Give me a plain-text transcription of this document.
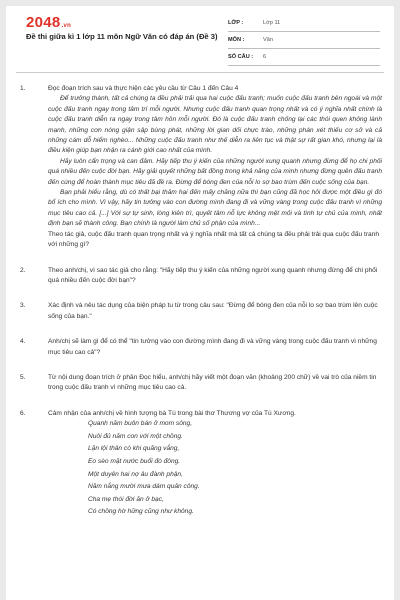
2048.vn
Đề thi giữa kì 1 lớp 11 môn Ngữ Văn có đáp án (Đề 3)
LỚP :	Lớp 11
MÔN :	Văn
SỐ CÂU :	6
1.	Đọc đoạn trích sau và thực hiện các yêu cầu từ Câu 1 đến Câu 4

Để trưởng thành, tất cả chúng ta đều phải trải qua hai cuộc đấu tranh; muốn cuộc đấu tranh bên ngoài và một cuộc đấu tranh ngay trong tâm trí mỗi người. Nhưng cuộc đấu tranh quan trọng nhất và có ý nghĩa nhất chính là cuộc đấu tranh diễn ra ngay trong tâm hồn mỗi người. Đó là cuộc đấu tranh chống lại các thói quen không lành mạnh, những cơn nóng giận sập bùng phát, những lời gian dối chực trào, những phán xét thiếu cơ sở và cả những cám dỗ hiểm nghèo... Những cuộc đấu tranh như thế diễn ra liên tục và thật sự rất gian khó, nhưng lại là điều kiện giúp bạn nhận ra cánh giới cao nhất của mình.

Hãy luôn cẩn trọng và can đảm. Hãy tiếp thu ý kiến của những người xung quanh nhưng đừng để họ chi phối quá nhiều đến cuộc đời bạn. Hãy giải quyết những bất đồng trong khả năng của mình nhưng đừng quên đấu tranh đến cùng để hoàn thành mục tiêu đã đề ra. Đừng để bóng đen của nỗi lo sợ bao trùm đến cuộc sống của bạn.

Bạn phải hiểu rằng, dù có thất bại thảm hại đến mấy chăng nữa thì bạn cũng đã học hỏi được một điều gì đó bổ ích cho mình. Vì vậy, hãy tin tưởng vào con đường mình đang đi và vững vàng trong cuộc đấu tranh vì những mục tiêu cao cả. [...] Với sự tự sinh, lòng kiên trì, quyết tâm nỗ lực không mệt mỏi và tình tự chủ của mình, nhất định bạn sẽ thành công. Bạn chính là người làm chủ số phận của mình...

Theo tác giả, cuộc đấu tranh quan trọng nhất và ý nghĩa nhất mà tất cả chúng ta đều phải trải qua cuộc đấu tranh với những gì?

2.	Theo anh/chị, vì sao tác giả cho rằng: "Hãy tiếp thu ý kiến của những người xung quanh nhưng đừng để chi phối quá nhiều đến cuộc đời bạn"?

3.	Xác định và nêu tác dụng của biện pháp tu từ trong câu sau: "Đừng để bóng đen của nỗi lo sợ bao trùm lên cuộc sống của bạn."

4.	Anh/chị sẽ làm gì để có thể "tin tưởng vào con đường mình đang đi và vững vàng trong cuộc đấu tranh vì những mục tiêu cao cả"?

5.	Từ nội dung đoạn trích ở phần Đọc hiểu, anh/chị hãy viết một đoạn văn (khoảng 200 chữ) về vai trò của niềm tin trong cuộc đấu tranh vì những mục tiêu cao cả.

6.	Cảm nhận của anh/chị về hình tượng bà Tú trong bài thơ Thương vợ của Tú Xương.

Quanh năm buôn bán ở mom sông,
Nuôi đủ năm con với một chồng.
Lặn lội thân cò khi quãng vắng,
Eo sèo mặt nước buổi đò đông.
Một duyên hai nợ âu đành phận,
Năm nắng mười mưa dám quản công.
Cha mẹ thói đời ăn ở bạc,
Có chồng hờ hững cũng như không.
